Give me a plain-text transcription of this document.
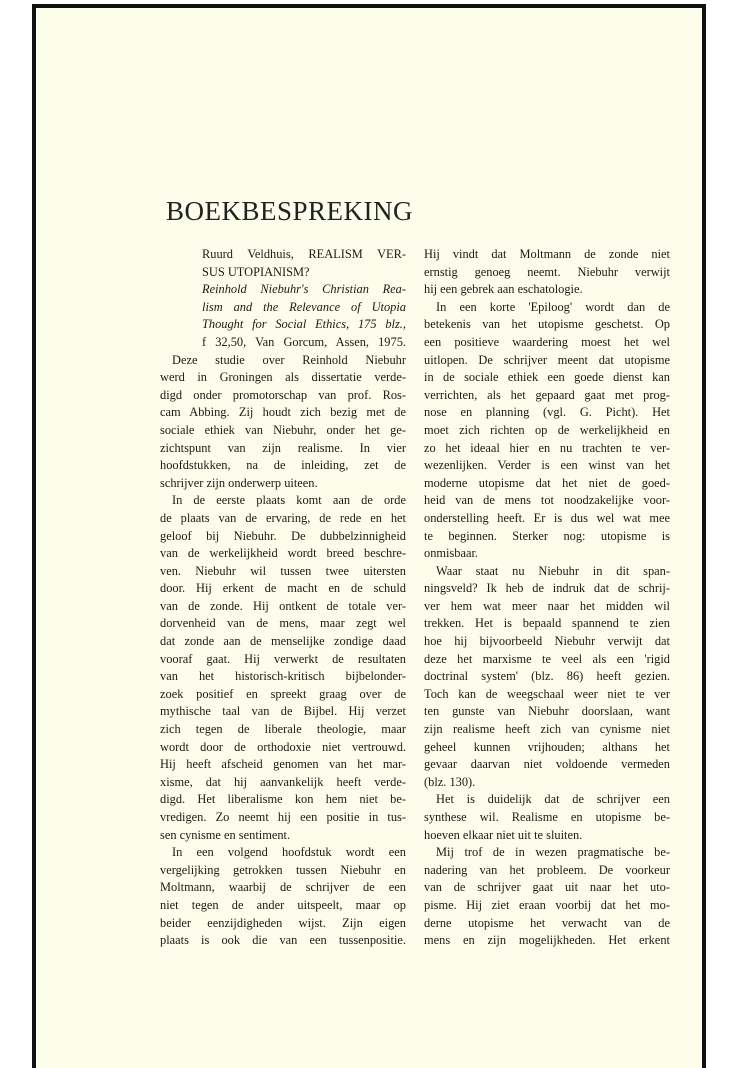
BOEKBESPREKING
Ruurd Veldhuis, REALISM VER-
SUS UTOPIANISM?
Reinhold Niebuhr's Christian Rea-
lism and the Relevance of Utopia
Thought for Social Ethics, 175 blz.,
f 32,50, Van Gorcum, Assen, 1975.
Deze studie over Reinhold Niebuhr
werd in Groningen als dissertatie verde-
digd onder promotorschap van prof. Ros-
cam Abbing. Zij houdt zich bezig met de
sociale ethiek van Niebuhr, onder het ge-
zichtspunt van zijn realisme. In vier
hoofdstukken, na de inleiding, zet de
schrijver zijn onderwerp uiteen.
In de eerste plaats komt aan de orde
de plaats van de ervaring, de rede en het
geloof bij Niebuhr. De dubbelzinnigheid
van de werkelijkheid wordt breed beschre-
ven. Niebuhr wil tussen twee uitersten
door. Hij erkent de macht en de schuld
van de zonde. Hij ontkent de totale ver-
dorvenheid van de mens, maar zegt wel
dat zonde aan de menselijke zondige daad
vooraf gaat. Hij verwerkt de resultaten
van het historisch-kritisch bijbelonder-
zoek positief en spreekt graag over de
mythische taal van de Bijbel. Hij verzet
zich tegen de liberale theologie, maar
wordt door de orthodoxie niet vertrouwd.
Hij heeft afscheid genomen van het mar-
xisme, dat hij aanvankelijk heeft verde-
digd. Het liberalisme kon hem niet be-
vredigen. Zo neemt hij een positie in tus-
sen cynisme en sentiment.
In een volgend hoofdstuk wordt een
vergelijking getrokken tussen Niebuhr en
Moltmann, waarbij de schrijver de een
niet tegen de ander uitspeelt, maar op
beider eenzijdigheden wijst. Zijn eigen
plaats is ook die van een tussenpositie.
Hij vindt dat Moltmann de zonde niet
ernstig genoeg neemt. Niebuhr verwijt
hij een gebrek aan eschatologie.
In een korte 'Epiloog' wordt dan de
betekenis van het utopisme geschetst. Op
een positieve waardering moest het wel
uitlopen. De schrijver meent dat utopisme
in de sociale ethiek een goede dienst kan
verrichten, als het gepaard gaat met prog-
nose en planning (vgl. G. Picht). Het
moet zich richten op de werkelijkheid en
zo het ideaal hier en nu trachten te ver-
wezenlijken. Verder is een winst van het
moderne utopisme dat het niet de goed-
heid van de mens tot noodzakelijke voor-
onderstelling heeft. Er is dus wel wat mee
te beginnen. Sterker nog: utopisme is
onmisbaar.
Waar staat nu Niebuhr in dit span-
ningsveld? Ik heb de indruk dat de schrij-
ver hem wat meer naar het midden wil
trekken. Het is bepaald spannend te zien
hoe hij bijvoorbeeld Niebuhr verwijt dat
deze het marxisme te veel als een 'rigid
doctrinal system' (blz. 86) heeft gezien.
Toch kan de weegschaal weer niet te ver
ten gunste van Niebuhr doorslaan, want
zijn realisme heeft zich van cynisme niet
geheel kunnen vrijhouden; althans het
gevaar daarvan niet voldoende vermeden
(blz. 130).
Het is duidelijk dat de schrijver een
synthese wil. Realisme en utopisme be-
hoeven elkaar niet uit te sluiten.
Mij trof de in wezen pragmatische be-
nadering van het probleem. De voorkeur
van de schrijver gaat uit naar het uto-
pisme. Hij ziet eraan voorbij dat het mo-
derne utopisme het verwacht van de
mens en zijn mogelijkheden. Het erkent
